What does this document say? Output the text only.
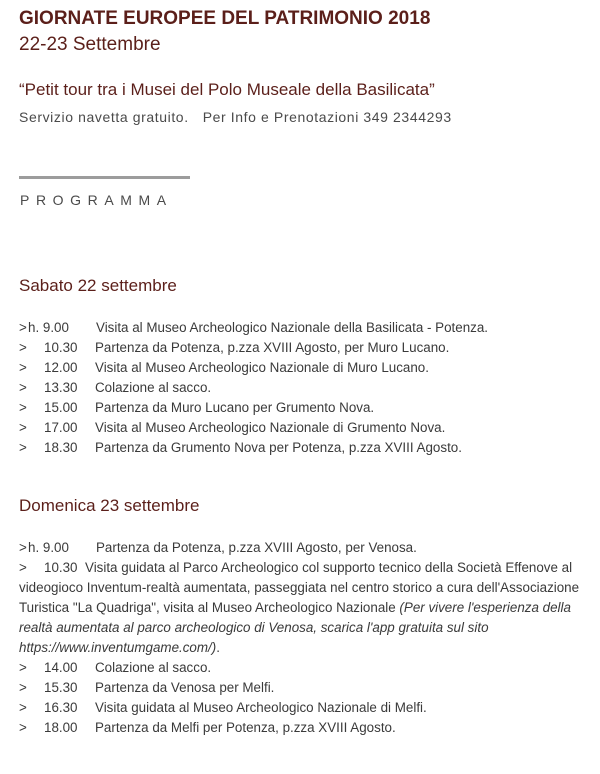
GIORNATE EUROPEE DEL PATRIMONIO 2018
22-23 Settembre
“Petit tour tra i Musei del Polo Museale della Basilicata”
Servizio navetta gratuito. Per Info e Prenotazioni 349 2344293
PROGRAMMA
Sabato 22 settembre
> h. 9.00 Visita al Museo Archeologico Nazionale della Basilicata - Potenza.
> 10.30 Partenza da Potenza, p.zza XVIII Agosto, per Muro Lucano.
> 12.00 Visita al Museo Archeologico Nazionale di Muro Lucano.
> 13.30 Colazione al sacco.
> 15.00 Partenza da Muro Lucano per Grumento Nova.
> 17.00 Visita al Museo Archeologico Nazionale di Grumento Nova.
> 18.30 Partenza da Grumento Nova per Potenza, p.zza XVIII Agosto.
Domenica 23 settembre
> h. 9.00 Partenza da Potenza, p.zza XVIII Agosto, per Venosa.
> 10.30 Visita guidata al Parco Archeologico col supporto tecnico della Società Effenove al videogioco Inventum-realtà aumentata, passeggiata nel centro storico a cura dell'Associazione Turistica "La Quadriga", visita al Museo Archeologico Nazionale (Per vivere l'esperienza della realtà aumentata al parco archeologico di Venosa, scarica l'app gratuita sul sito https://www.inventumgame.com/).
> 14.00 Colazione al sacco.
> 15.30 Partenza da Venosa per Melfi.
> 16.30 Visita guidata al Museo Archeologico Nazionale di Melfi.
> 18.00 Partenza da Melfi per Potenza, p.zza XVIII Agosto.
